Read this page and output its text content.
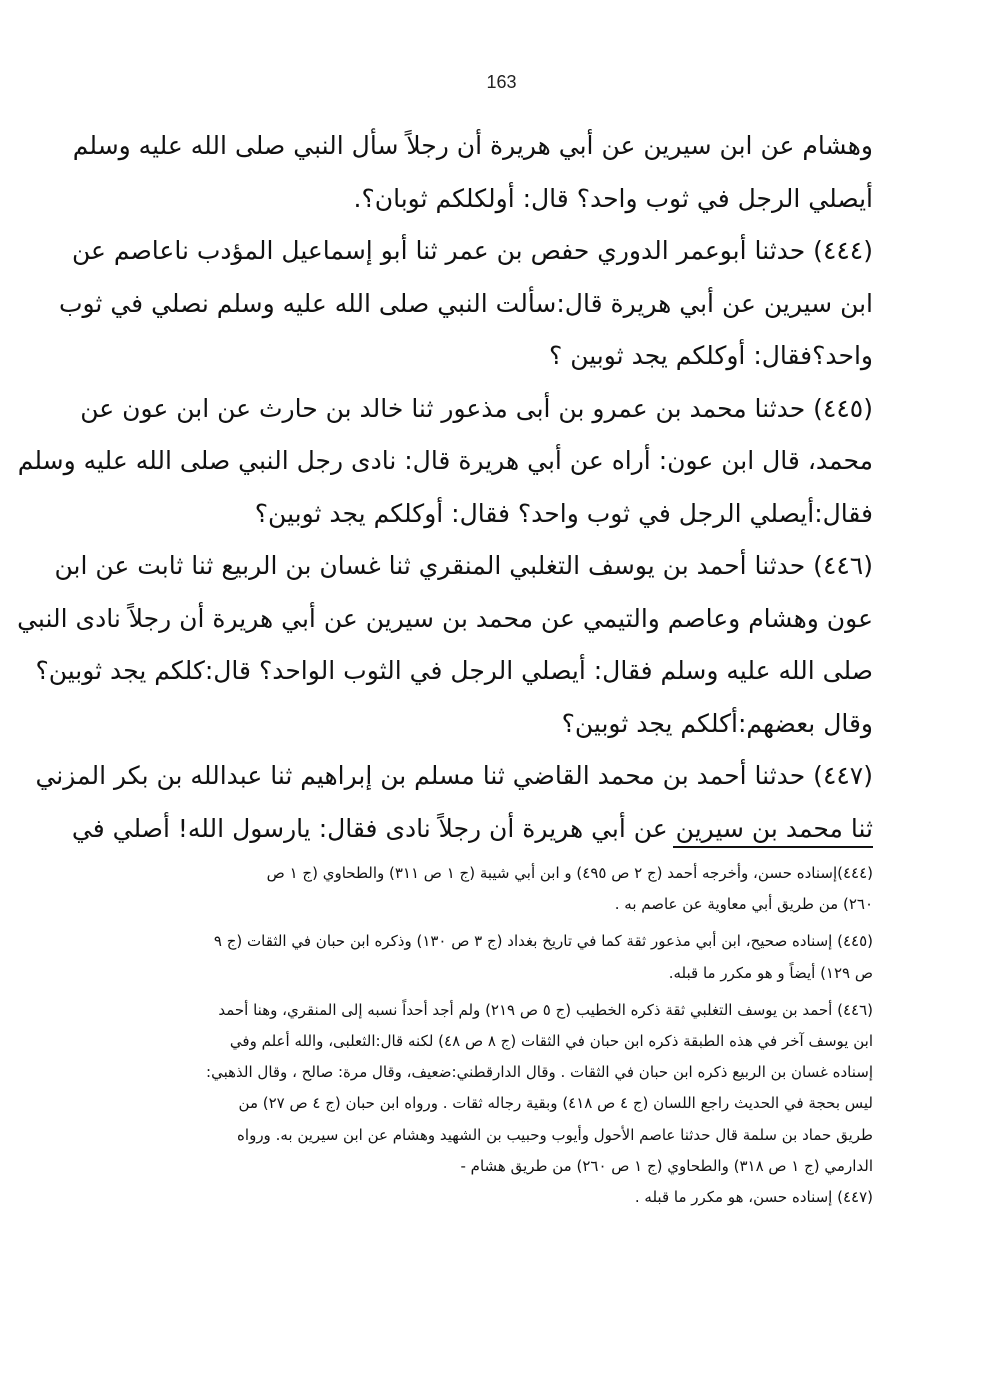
163
وهشام عن ابن سيرين عن أبي هريرة أن رجلاً سأل النبي صلى الله عليه وسلم
أيصلي الرجل في ثوب واحد؟ قال: أولكلكم ثوبان؟.
(٤٤٤) حدثنا أبوعمر الدوري حفص بن عمر ثنا أبو إسماعيل المؤدب ناعاصم عن
ابن سيرين عن أبي هريرة قال:سألت النبي صلى الله عليه وسلم نصلي في ثوب
واحد؟فقال: أوكلكم يجد ثوبين ؟
(٤٤٥) حدثنا محمد بن عمرو بن أبى مذعور ثنا خالد بن حارث عن ابن عون عن
محمد، قال ابن عون: أراه عن أبي هريرة قال: نادى رجل النبي صلى الله عليه وسلم
فقال:أيصلي الرجل في ثوب واحد؟ فقال: أوكلكم يجد ثوبين؟
(٤٤٦) حدثنا أحمد بن يوسف التغلبي المنقري ثنا غسان بن الربيع ثنا ثابت عن ابن
عون وهشام وعاصم والتيمي عن محمد بن سيرين عن أبي هريرة أن رجلاً نادى النبي
صلى الله عليه وسلم فقال: أيصلي الرجل في الثوب الواحد؟ قال:كلكم يجد ثوبين؟
وقال بعضهم:أكلكم يجد ثوبين؟
(٤٤٧) حدثنا أحمد بن محمد القاضي ثنا مسلم بن إبراهيم ثنا عبدالله بن بكر المزني
ثنا محمد بن سيرين عن أبي هريرة أن رجلاً نادى فقال: يارسول الله! أصلي في
(٤٤٤)إسناده حسن، وأخرجه أحمد (ج ٢ ص ٤٩٥) و ابن أبي شيبة (ج ١ ص ٣١١) والطحاوي (ج ١ ص
٢٦٠) من طريق أبي معاوية عن عاصم به .
(٤٤٥) إسناده صحيح، ابن أبي مذعور ثقة كما في تاريخ بغداد (ج ٣ ص ١٣٠) وذكره ابن حبان في الثقات (ج ٩
ص ١٢٩) أيضاً و هو مكرر ما قبله.
(٤٤٦) أحمد بن يوسف التغلبي ثقة ذكره الخطيب (ج ٥ ص ٢١٩) ولم أجد أحداً نسبه إلى المنقري، وهنا أحمد
ابن يوسف آخر في هذه الطبقة ذكره ابن حبان في الثقات (ج ٨ ص ٤٨) لكنه قال:الثعلبى، والله أعلم وفي
إسناده غسان بن الربيع ذكره ابن حبان في الثقات . وقال الدارقطني:ضعيف، وقال مرة: صالح ، وقال الذهبي:
ليس بحجة في الحديث راجع اللسان (ج ٤ ص ٤١٨) وبقية رجاله ثقات . ورواه ابن حبان (ج ٤ ص ٢٧) من
طريق حماد بن سلمة قال حدثنا عاصم الأحول وأيوب وحبيب بن الشهيد وهشام عن ابن سيرين به. ورواه
الدارمي (ج ١ ص ٣١٨) والطحاوي (ج ١ ص ٢٦٠) من طريق هشام -
(٤٤٧) إسناده حسن، هو مكرر ما قبله .
